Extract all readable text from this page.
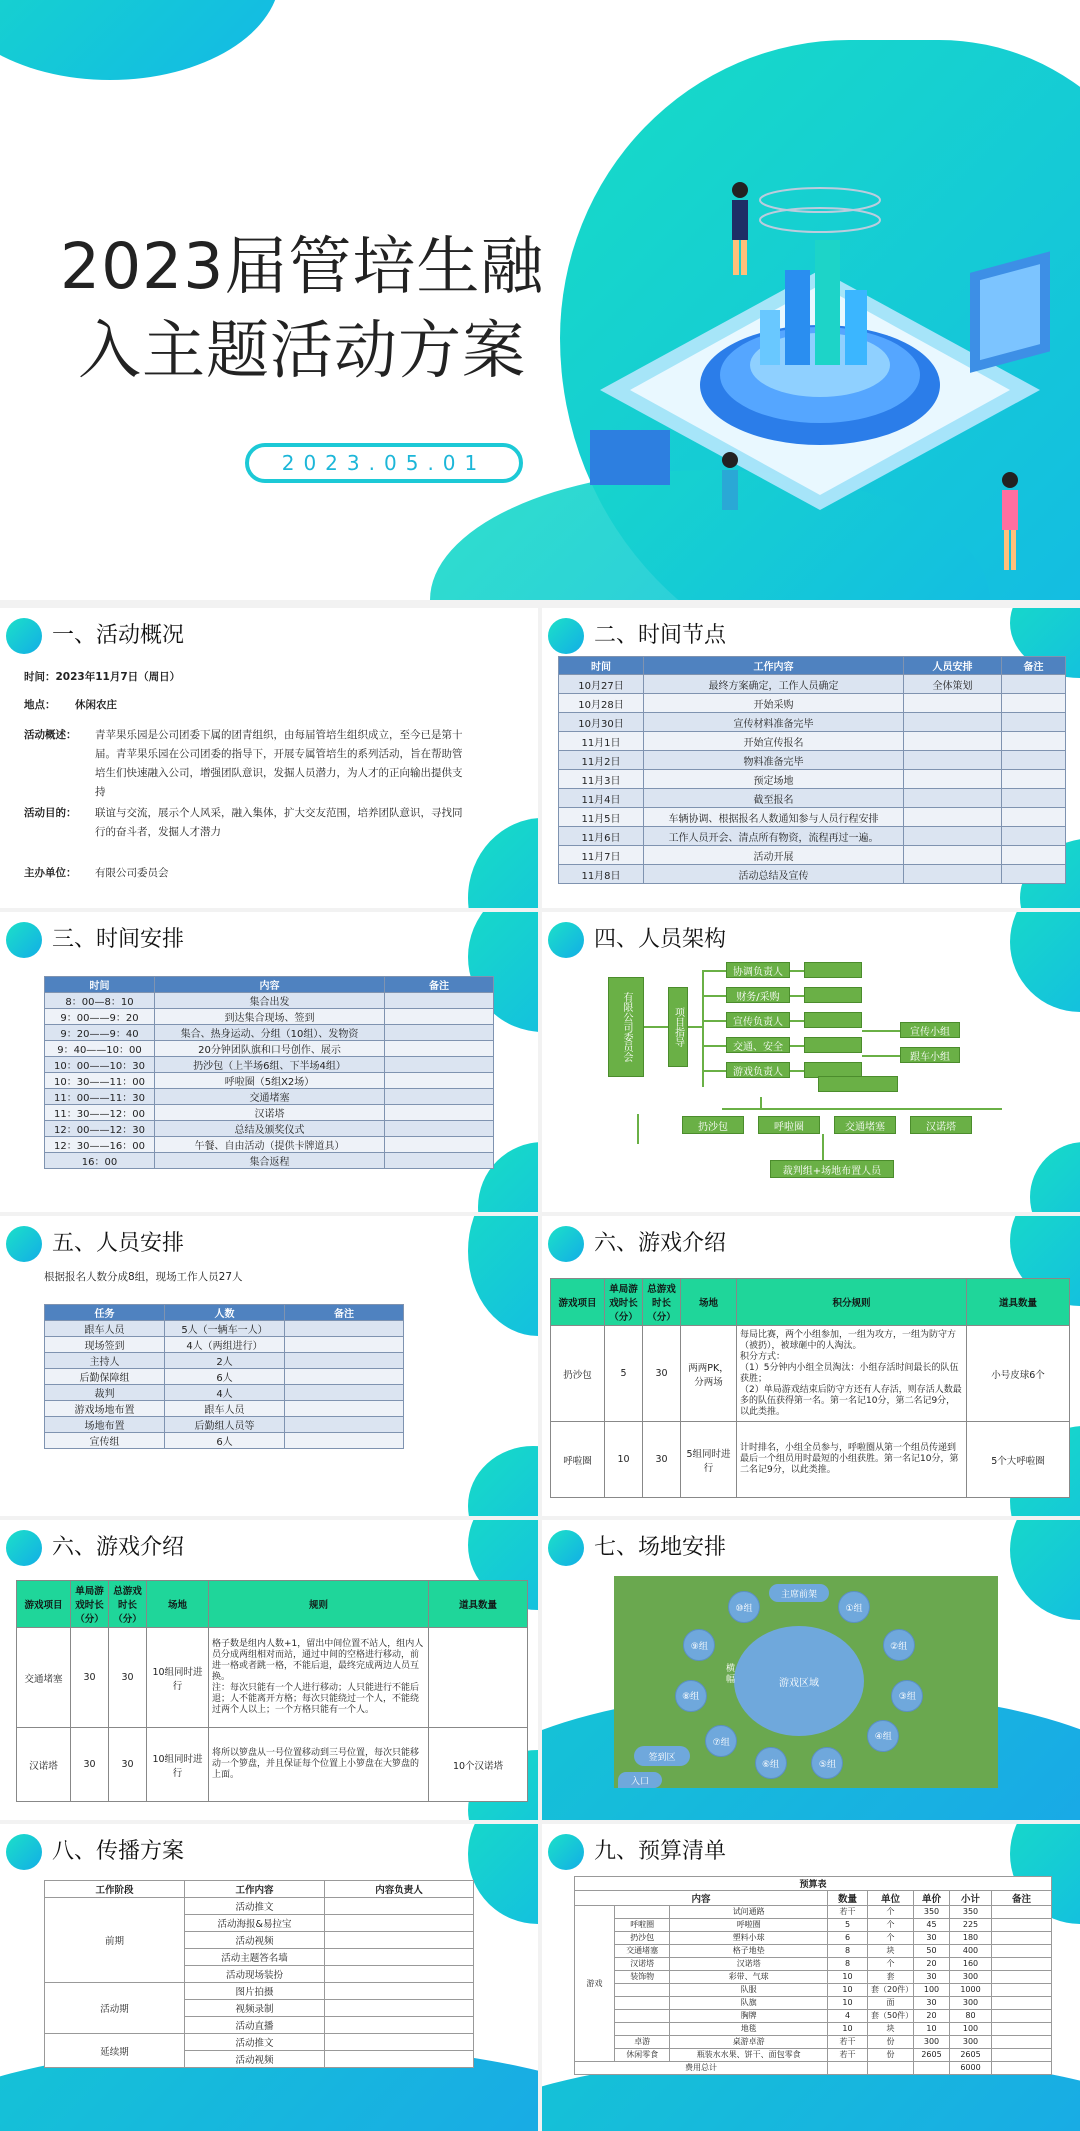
2023届管培生融
入主题活动方案
2023.05.01
一、活动概况
时间：2023年11月7日（周日）
地点： 休闲农庄
活动概述： 青苹果乐园是公司团委下属的团青组织，由每届管培生组织成立，至今已是第十届。青苹果乐园在公司团委的指导下，开展专属管培生的系列活动，旨在帮助管培生们快速融入公司，增强团队意识，发掘人员潜力，为人才的正向输出提供支持
活动目的： 联谊与交流，展示个人风采，融入集体，扩大交友范围，培养团队意识，寻找同行的奋斗者，发掘人才潜力
主办单位： 有限公司委员会
二、时间节点
时间	工作内容	人员安排	备注
10月27日	最终方案确定，工作人员确定	全体策划	
10月28日	开始采购		
10月30日	宣传材料准备完毕		
11月1日	开始宣传报名		
11月2日	物料准备完毕		
11月3日	预定场地		
11月4日	截至报名		
11月5日	车辆协调、根据报名人数通知参与人员行程安排		
11月6日	工作人员开会、清点所有物资，流程再过一遍。		
11月7日	活动开展		
11月8日	活动总结及宣传		
三、时间安排
时间	内容	备注
8：00—8：10	集合出发	
9：00——9：20	到达集合现场、签到	
9：20——9：40	集合、热身运动、分组（10组）、发物资	
9：40——10：00	20分钟团队旗和口号创作、展示	
10：00——10：30	扔沙包（上半场6组、下半场4组）	
10：30——11：00	呼啦圈（5组X2场）	
11：00——11：30	交通堵塞	
11：30——12：00	汉诺塔	
12：00——12：30	总结及颁奖仪式	
12：30——16：00	午餐、自由活动（提供卡牌道具）	
16：00	集合返程	
四、人员架构
有限公司委员会	项目指导
协调负责人
财务/采购
宣传负责人
交通、安全
游戏负责人
宣传小组
跟车小组
扔沙包	呼啦圈	交通堵塞	汉诺塔
裁判组+场地布置人员
五、人员安排
根据报名人数分成8组，现场工作人员27人
任务	人数	备注
跟车人员	5人（一辆车一人）	
现场签到	4人（两组进行）	
主持人	2人	
后勤保障组	6人	
裁判	4人	
游戏场地布置	跟车人员	
场地布置	后勤组人员等	
宣传组	6人	
六、游戏介绍
游戏项目	单局游戏时长（分）	总游戏时长（分）	场地	积分规则	道具数量
扔沙包	5	30	两两PK，分两场	每局比赛，两个小组参加，一组为攻方，一组为防守方（被扔），被球砸中的人淘汰。
积分方式：
（1）5分钟内小组全员淘汰：小组存活时间最长的队伍获胜；
（2）单局游戏结束后防守方还有人存活，则存活人数最多的队伍获得第一名。第一名记10分，第二名记9分，以此类推。	小号皮球6个
呼啦圈	10	30	5组同时进行	计时排名，小组全员参与，呼啦圈从第一个组员传递到最后一个组员用时最短的小组获胜。第一名记10分，第二名记9分，以此类推。	5个大呼啦圈
六、游戏介绍
游戏项目	单局游戏时长（分）	总游戏时长（分）	场地	规则	道具数量
交通堵塞	30	30	10组同时进行	格子数是组内人数+1，留出中间位置不站人，组内人员分成两组相对而站，通过中间的空格进行移动，前进一格或者跳一格，不能后退，最终完成两边人员互换。
注：每次只能有一个人进行移动；人只能进行不能后退；人不能离开方格；每次只能绕过一个人，不能绕过两个人以上；一个方格只能有一个人。	
汉诺塔	30	30	10组同时进行	将所以箩盘从一号位置移动到三号位置，每次只能移动一个箩盘，并且保证每个位置上小箩盘在大箩盘的上面。	10个汉诺塔
七、场地安排
主席前架
游戏区域
横幅
⑩组	①组
②组
③组
④组
⑤组
⑥组
⑦组
⑧组
⑨组
签到区
入口
八、传播方案
工作阶段	工作内容	内容负责人
前期	活动推文	
	活动海报&易拉宝	
	活动视频	
	活动主题答名墙	
	活动现场装扮	
活动期	图片拍摄	
	视频录制	
	活动直播	
延续期	活动推文	
	活动视频	
九、预算清单
预算表							
内容			数量	单位	单价	小计	备注
游戏		试问通路	若干	个	350	350	
	呼啦圈	呼啦圈	5	个	45	225	
	扔沙包	塑料小球	6	个	30	180	
	交通堵塞	格子地垫	8	块	50	400	
	汉诺塔	汉诺塔	8	个	20	160	
	装饰物	彩带、气球	10	套	30	300	
		队服	10	套（20件）	100	1000	
		队旗	10	面	30	300	
		胸牌	4	套（50件）	20	80	
		地毯	10	块	10	100	
	卓游	桌游卓游	若干	份	300	300	
	休闲零食	瓶装水水果、饼干、面包零食	若干	份	2605	2605	
费用总计						6000	
